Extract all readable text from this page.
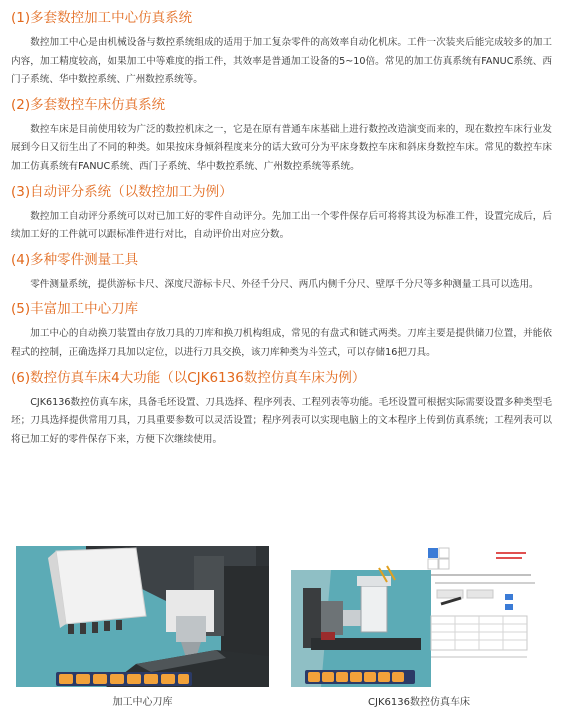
(1)多套数控加工中心仿真系统

数控加工中心是由机械设备与数控系统组成的适用于加工复杂零件的高效率自动化机床。工件一次装夹后能完成较多的加工内容，加工精度较高，如果加工中等难度的指工件，其效率是普通加工设备的5~10倍。常见的加工仿真系统有FANUC系统、西门子系统、华中数控系统、广州数控系统等。

(2)多套数控车床仿真系统

数控车床是目前使用较为广泛的数控机床之一，它是在原有普通车床基础上进行数控改造演变而来的，现在数控车床行业发展到今日又衍生出了不同的种类。如果按床身倾斜程度来分的话大致可分为平床身数控车床和斜床身数控车床。常见的数控车床加工仿真系统有FANUC系统、西门子系统、华中数控系统、广州数控系统等系统。

(3)自动评分系统（以数控加工为例）

数控加工自动评分系统可以对已加工好的零件自动评分。先加工出一个零件保存后可将将其设为标准工件，设置完成后，后续加工好的工件就可以跟标准件进行对比，自动评价出对应分数。

(4)多种零件测量工具

零件测量系统，提供游标卡尺、深度尺游标卡尺、外径千分尺、两爪内侧千分尺、壁厚千分尺等多种测量工具可以选用。

(5)丰富加工中心刀库

加工中心的自动换刀装置由存放刀具的刀库和换刀机构组成，常见的有盘式和链式两类。刀库主要是提供储刀位置，并能依程式的控制，正确选择刀具加以定位，以进行刀具交换，该刀库种类为斗笠式，可以存储16把刀具。

(6)数控仿真车床4大功能（以CJK6136数控仿真车床为例）

CJK6136数控仿真车床，具备毛坯设置、刀具选择、程序列表、工程列表等功能。毛坯设置可根据实际需要设置多种类型毛坯；刀具选择提供常用刀具，刀具重要参数可以灵活设置；程序列表可以实现电脑上的文本程序上传到仿真系统；工程列表可以将已加工好的零件保存下来，方便下次继续使用。

加工中心刀库	CJK6136数控仿真车床
